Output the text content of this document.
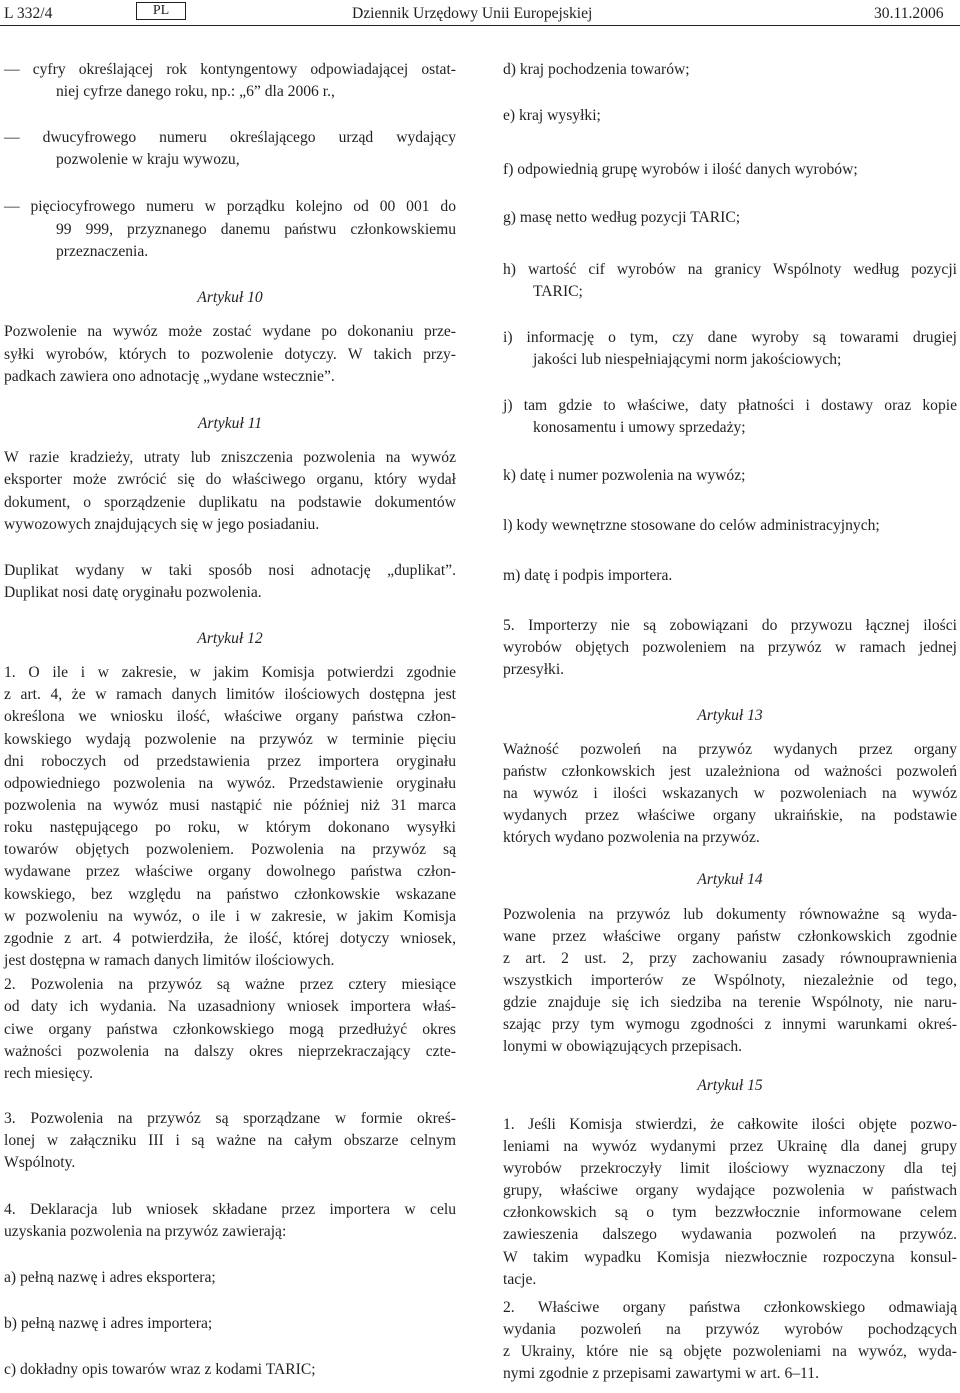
L 332/4	PL	Dziennik Urzędowy Unii Europejskiej	30.11.2006
— cyfry określającej rok kontyngentowy odpowiadającej ostat-
niej cyfrze danego roku, np.: „6” dla 2006 r.,
— dwucyfrowego numeru określającego urząd wydający
pozwolenie w kraju wywozu,
— pięciocyfrowego numeru w porządku kolejno od 00 001 do
99 999, przyznanego danemu państwu członkowskiemu
przeznaczenia.
Artykuł 10
Pozwolenie na wywóz może zostać wydane po dokonaniu prze-
syłki wyrobów, których to pozwolenie dotyczy. W takich przy-
padkach zawiera ono adnotację „wydane wstecznie”.
Artykuł 11
W razie kradzieży, utraty lub zniszczenia pozwolenia na wywóz
eksporter może zwrócić się do właściwego organu, który wydał
dokument, o sporządzenie duplikatu na podstawie dokumentów
wywozowych znajdujących się w jego posiadaniu.
Duplikat wydany w taki sposób nosi adnotację „duplikat”.
Duplikat nosi datę oryginału pozwolenia.
Artykuł 12
1. O ile i w zakresie, w jakim Komisja potwierdzi zgodnie
z art. 4, że w ramach danych limitów ilościowych dostępna jest
określona we wniosku ilość, właściwe organy państwa człon-
kowskiego wydają pozwolenie na przywóz w terminie pięciu
dni roboczych od przedstawienia przez importera oryginału
odpowiedniego pozwolenia na wywóz. Przedstawienie oryginału
pozwolenia na wywóz musi nastąpić nie później niż 31 marca
roku następującego po roku, w którym dokonano wysyłki
towarów objętych pozwoleniem. Pozwolenia na przywóz są
wydawane przez właściwe organy dowolnego państwa człon-
kowskiego, bez względu na państwo członkowskie wskazane
w pozwoleniu na wywóz, o ile i w zakresie, w jakim Komisja
zgodnie z art. 4 potwierdziła, że ilość, której dotyczy wniosek,
jest dostępna w ramach danych limitów ilościowych.
2. Pozwolenia na przywóz są ważne przez cztery miesiące
od daty ich wydania. Na uzasadniony wniosek importera właś-
ciwe organy państwa członkowskiego mogą przedłużyć okres
ważności pozwolenia na dalszy okres nieprzekraczający czte-
rech miesięcy.
3. Pozwolenia na przywóz są sporządzane w formie okreś-
lonej w załączniku III i są ważne na całym obszarze celnym
Wspólnoty.
4. Deklaracja lub wniosek składane przez importera w celu
uzyskania pozwolenia na przywóz zawierają:
a) pełną nazwę i adres eksportera;
b) pełną nazwę i adres importera;
c) dokładny opis towarów wraz z kodami TARIC;
d) kraj pochodzenia towarów;
e) kraj wysyłki;
f) odpowiednią grupę wyrobów i ilość danych wyrobów;
g) masę netto według pozycji TARIC;
h) wartość cif wyrobów na granicy Wspólnoty według pozycji
TARIC;
i) informację o tym, czy dane wyroby są towarami drugiej
jakości lub niespełniającymi norm jakościowych;
j) tam gdzie to właściwe, daty płatności i dostawy oraz kopie
konosamentu i umowy sprzedaży;
k) datę i numer pozwolenia na wywóz;
l) kody wewnętrzne stosowane do celów administracyjnych;
m) datę i podpis importera.
5. Importerzy nie są zobowiązani do przywozu łącznej ilości
wyrobów objętych pozwoleniem na przywóz w ramach jednej
przesyłki.
Artykuł 13
Ważność pozwoleń na przywóz wydanych przez organy
państw członkowskich jest uzależniona od ważności pozwoleń
na wywóz i ilości wskazanych w pozwoleniach na wywóz
wydanych przez właściwe organy ukraińskie, na podstawie
których wydano pozwolenia na przywóz.
Artykuł 14
Pozwolenia na przywóz lub dokumenty równoważne są wyda-
wane przez właściwe organy państw członkowskich zgodnie
z art. 2 ust. 2, przy zachowaniu zasady równouprawnienia
wszystkich importerów ze Wspólnoty, niezależnie od tego,
gdzie znajduje się ich siedziba na terenie Wspólnoty, nie naru-
szając przy tym wymogu zgodności z innymi warunkami okreś-
lonymi w obowiązujących przepisach.
Artykuł 15
1. Jeśli Komisja stwierdzi, że całkowite ilości objęte pozwo-
leniami na wywóz wydanymi przez Ukrainę dla danej grupy
wyrobów przekroczyły limit ilościowy wyznaczony dla tej
grupy, właściwe organy wydające pozwolenia w państwach
członkowskich są o tym bezzwłocznie informowane celem
zawieszenia dalszego wydawania pozwoleń na przywóz.
W takim wypadku Komisja niezwłocznie rozpoczyna konsul-
tacje.
2. Właściwe organy państwa członkowskiego odmawiają
wydania pozwoleń na przywóz wyrobów pochodzących
z Ukrainy, które nie są objęte pozwoleniami na wywóz, wyda-
nymi zgodnie z przepisami zawartymi w art. 6–11.
